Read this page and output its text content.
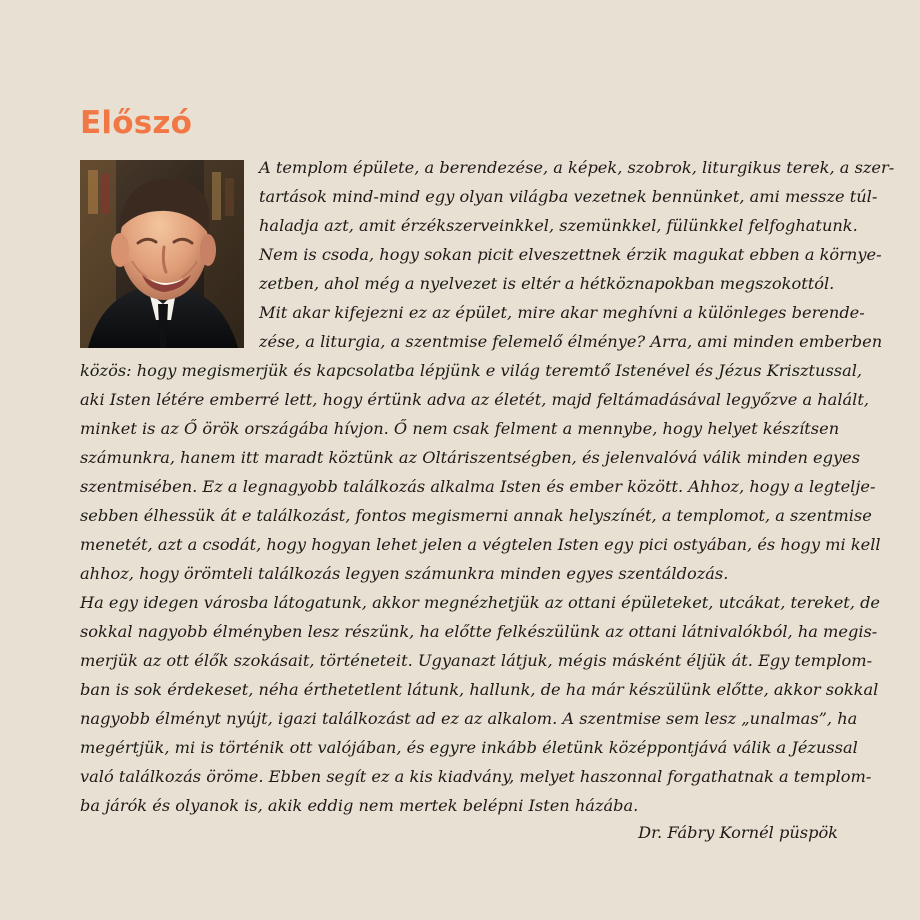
Előszó
A templom épülete, a berendezése, a képek, szobrok, liturgikus terek, a szer-
tartások mind-mind egy olyan világba vezetnek bennünket, ami messze túl-
haladja azt, amit érzékszerveinkkel, szemünkkel, fülünkkel felfoghatunk.
Nem is csoda, hogy sokan picit elveszettnek érzik magukat ebben a környe-
zetben, ahol még a nyelvezet is eltér a hétköznapokban megszokottól.
Mit akar kifejezni ez az épület, mire akar meghívni a különleges berende-
zése, a liturgia, a szentmise felemelő élménye? Arra, ami minden emberben
közös: hogy megismerjük és kapcsolatba lépjünk e világ teremtő Istenével és Jézus Krisztussal,
aki Isten létére emberré lett, hogy értünk adva az életét, majd feltámadásával legyőzve a halált,
minket is az Ő örök országába hívjon. Ő nem csak felment a mennybe, hogy helyet készítsen
számunkra, hanem itt maradt köztünk az Oltáriszentségben, és jelenvalóvá válik minden egyes
szentmisében. Ez a legnagyobb találkozás alkalma Isten és ember között. Ahhoz, hogy a legtelje-
sebben élhessük át e találkozást, fontos megismerni annak helyszínét, a templomot, a szentmise
menetét, azt a csodát, hogy hogyan lehet jelen a végtelen Isten egy pici ostyában, és hogy mi kell
ahhoz, hogy örömteli találkozás legyen számunkra minden egyes szentáldozás.
Ha egy idegen városba látogatunk, akkor megnézhetjük az ottani épületeket, utcákat, tereket, de
sokkal nagyobb élményben lesz részünk, ha előtte felkészülünk az ottani látnivalókból, ha megis-
merjük az ott élők szokásait, történeteit. Ugyanazt látjuk, mégis másként éljük át. Egy templom-
ban is sok érdekeset, néha érthetetlent látunk, hallunk, de ha már készülünk előtte, akkor sokkal
nagyobb élményt nyújt, igazi találkozást ad ez az alkalom. A szentmise sem lesz „unalmas”, ha
megértjük, mi is történik ott valójában, és egyre inkább életünk középpontjává válik a Jézussal
való találkozás öröme. Ebben segít ez a kis kiadvány, melyet haszonnal forgathatnak a templom-
ba járók és olyanok is, akik eddig nem mertek belépni Isten házába.
Dr. Fábry Kornél püspök
